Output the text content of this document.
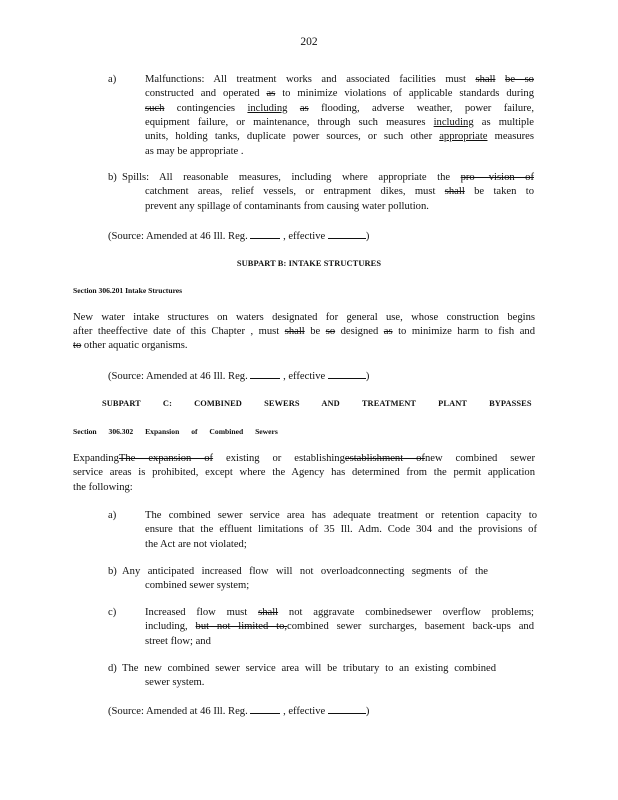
202
a)	Malfunctions: All treatment works and associated facilities must shall be so
constructed and operated as to minimize violations of applicable standards during
such contingencies including as flooding, adverse weather, power failure,
equipment failure, or maintenance, through such measures including as multiple
units, holding tanks, duplicate power sources, or such other appropriate measures
as may be appropriate .
b) Spills: All reasonable measures, including where appropriate the pro- vision of
catchment areas, relief vessels, or entrapment dikes, must shall be taken to
prevent any spillage of contaminants from causing water pollution.
(Source: Amended at 46 Ill. Reg.	, effective	)
SUBPART B: INTAKE STRUCTURES
Section 306.201 Intake Structures
New water intake structures on waters designated for general use, whose construction begins
after theeffective date of this Chapter , must shall be so designed as to minimize harm to fish and
to other aquatic organisms.
(Source: Amended at 46 Ill. Reg.	, effective	)
SUBPART C: COMBINED SEWERS AND TREATMENT PLANT BYPASSES
Section 306.302 Expansion of Combined Sewers
ExpandingThe expansion of existing or establishingestablishment ofnew combined sewer
service areas is prohibited, except where the Agency has determined from the permit application
the following:
a)	The combined sewer service area has adequate treatment or retention capacity to
ensure that the effluent limitations of 35 Ill. Adm. Code 304 and the provisions of
the Act are not violated;
b) Any anticipated increased flow will not overloadconnecting segments of the
combined sewer system;
c)	Increased flow must shall not aggravate combinedsewer overflow problems;
including, but not limited to,combined sewer surcharges, basement back-ups and
street flow; and
d) The new combined sewer service area will be tributary to an existing combined
sewer system.
(Source: Amended at 46 Ill. Reg.	, effective	)
